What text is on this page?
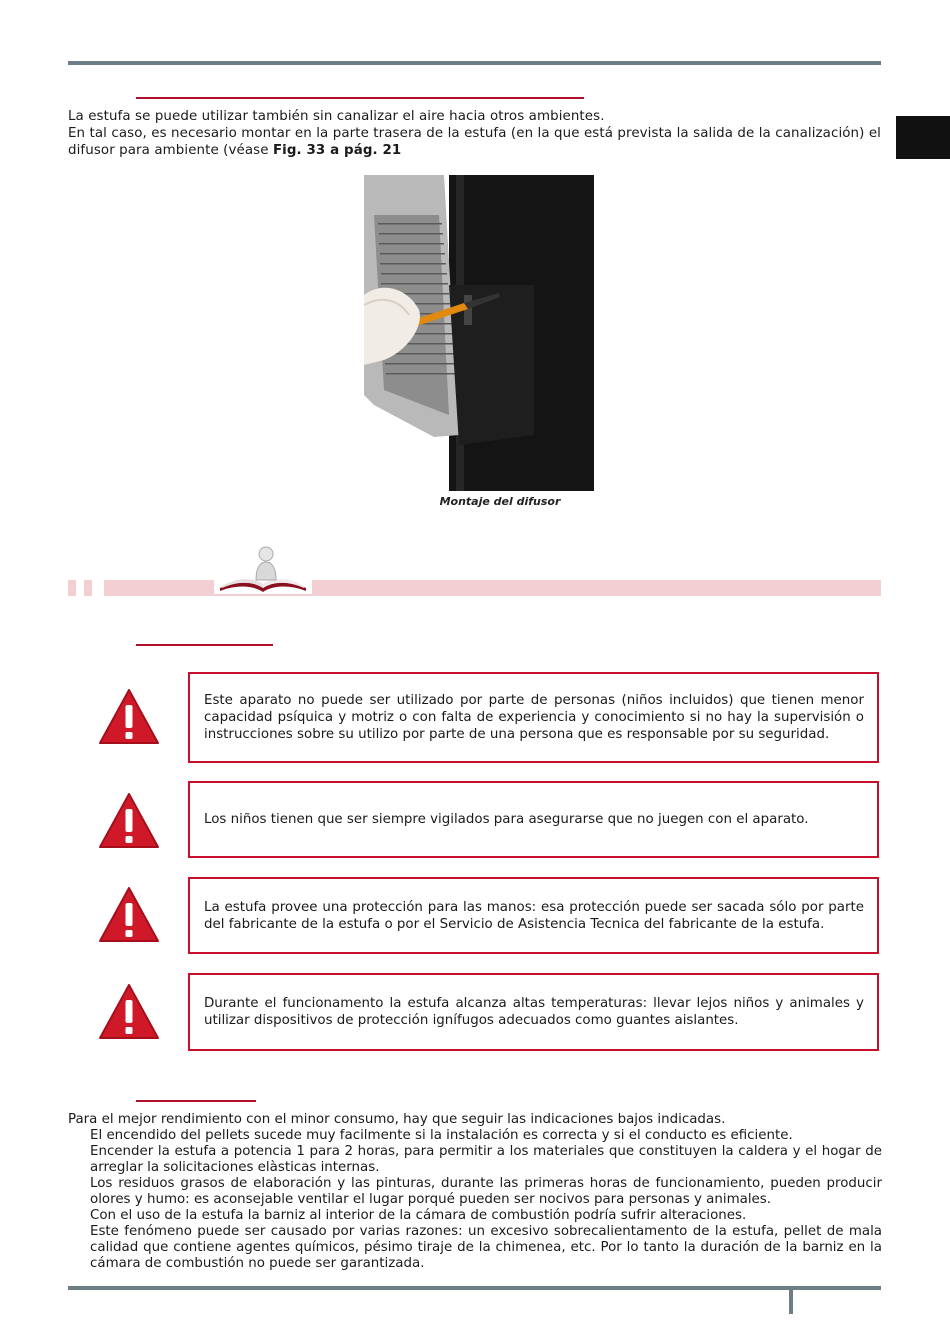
La estufa se puede utilizar también sin canalizar el aire hacia otros ambientes.
En tal caso, es necesario montar en la parte trasera de la estufa (en la que está prevista la salida de la canalización) el difusor para ambiente (véase Fig. 33 a pág. 21
Montaje del difusor
Este aparato no puede ser utilizado por parte de personas (niños incluidos) que tienen menor capacidad psíquica y motriz o con falta de experiencia y conocimiento si no hay la supervisión o instrucciones sobre su utilizo por parte de una persona que es responsable por su seguridad.
Los niños tienen que ser siempre vigilados para asegurarse que no juegen con el aparato.
La estufa provee una protección para las manos: esa protección puede ser sacada sólo por parte del fabricante de la estufa o por el Servicio de Asistencia Tecnica del fabricante de la estufa.
Durante el funcionamento la estufa alcanza altas temperaturas: llevar lejos niños y animales y utilizar dispositivos de protección ignífugos adecuados como guantes aislantes.

Para el mejor rendimiento con el minor consumo, hay que seguir las indicaciones bajos indicadas.

El encendido del pellets sucede muy facilmente si la instalación es correcta y si el conducto es eficiente.

Encender la estufa a potencia 1 para 2 horas, para permitir a los materiales que constituyen la caldera y el hogar de arreglar la solicitaciones elàsticas internas.

Los residuos grasos de elaboración y las pinturas, durante las primeras horas de funcionamiento, pueden producir olores y humo: es aconsejable ventilar el lugar porqué pueden ser nocivos para personas y animales.

Con el uso de la estufa la barniz al interior de la cámara de combustión podría sufrir alteraciones.

Este fenómeno puede ser causado por varias razones: un excesivo sobrecalientamento de la estufa, pellet de mala calidad que contiene agentes químicos, pésimo tiraje de la chimenea, etc. Por lo tanto la duración de la barniz en la cámara de combustión no puede ser garantizada.
